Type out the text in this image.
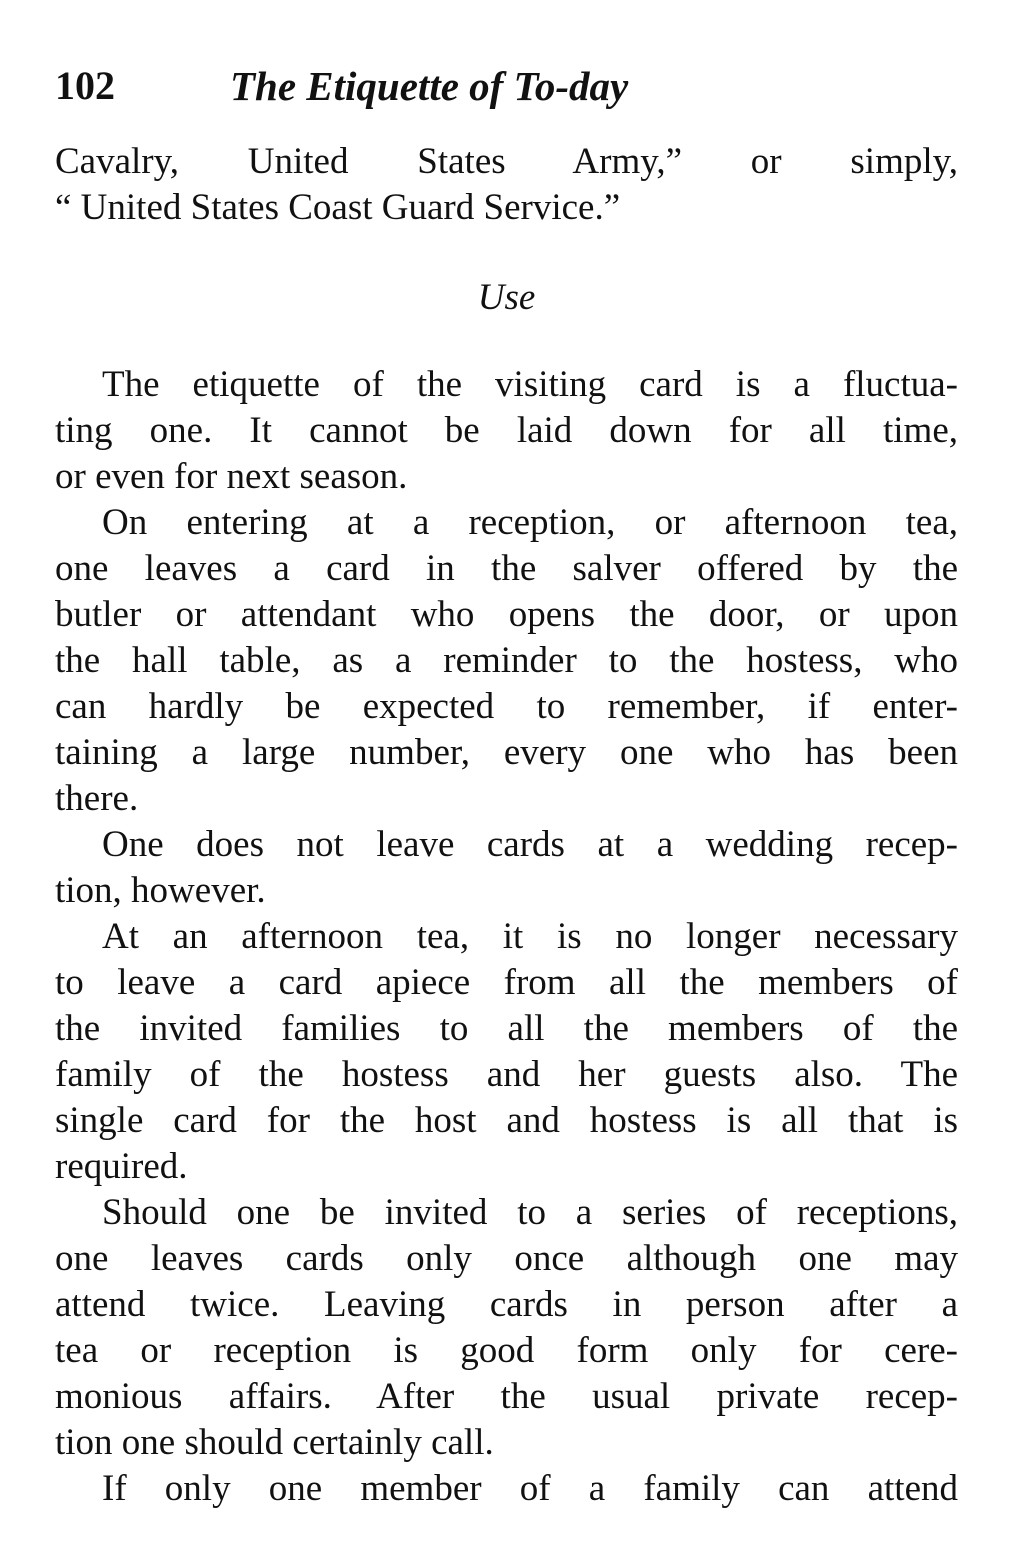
102	The Etiquette of To-day
Cavalry, United States Army,” or simply,
“ United States Coast Guard Service.”
Use
The etiquette of the visiting card is a fluctua-
ting one. It cannot be laid down for all time,
or even for next season.
On entering at a reception, or afternoon tea,
one leaves a card in the salver offered by the
butler or attendant who opens the door, or upon
the hall table, as a reminder to the hostess, who
can hardly be expected to remember, if enter-
taining a large number, every one who has been
there.
One does not leave cards at a wedding recep-
tion, however.
At an afternoon tea, it is no longer necessary
to leave a card apiece from all the members of
the invited families to all the members of the
family of the hostess and her guests also. The
single card for the host and hostess is all that is
required.
Should one be invited to a series of receptions,
one leaves cards only once although one may
attend twice. Leaving cards in person after a
tea or reception is good form only for cere-
monious affairs. After the usual private recep-
tion one should certainly call.
If only one member of a family can attend
